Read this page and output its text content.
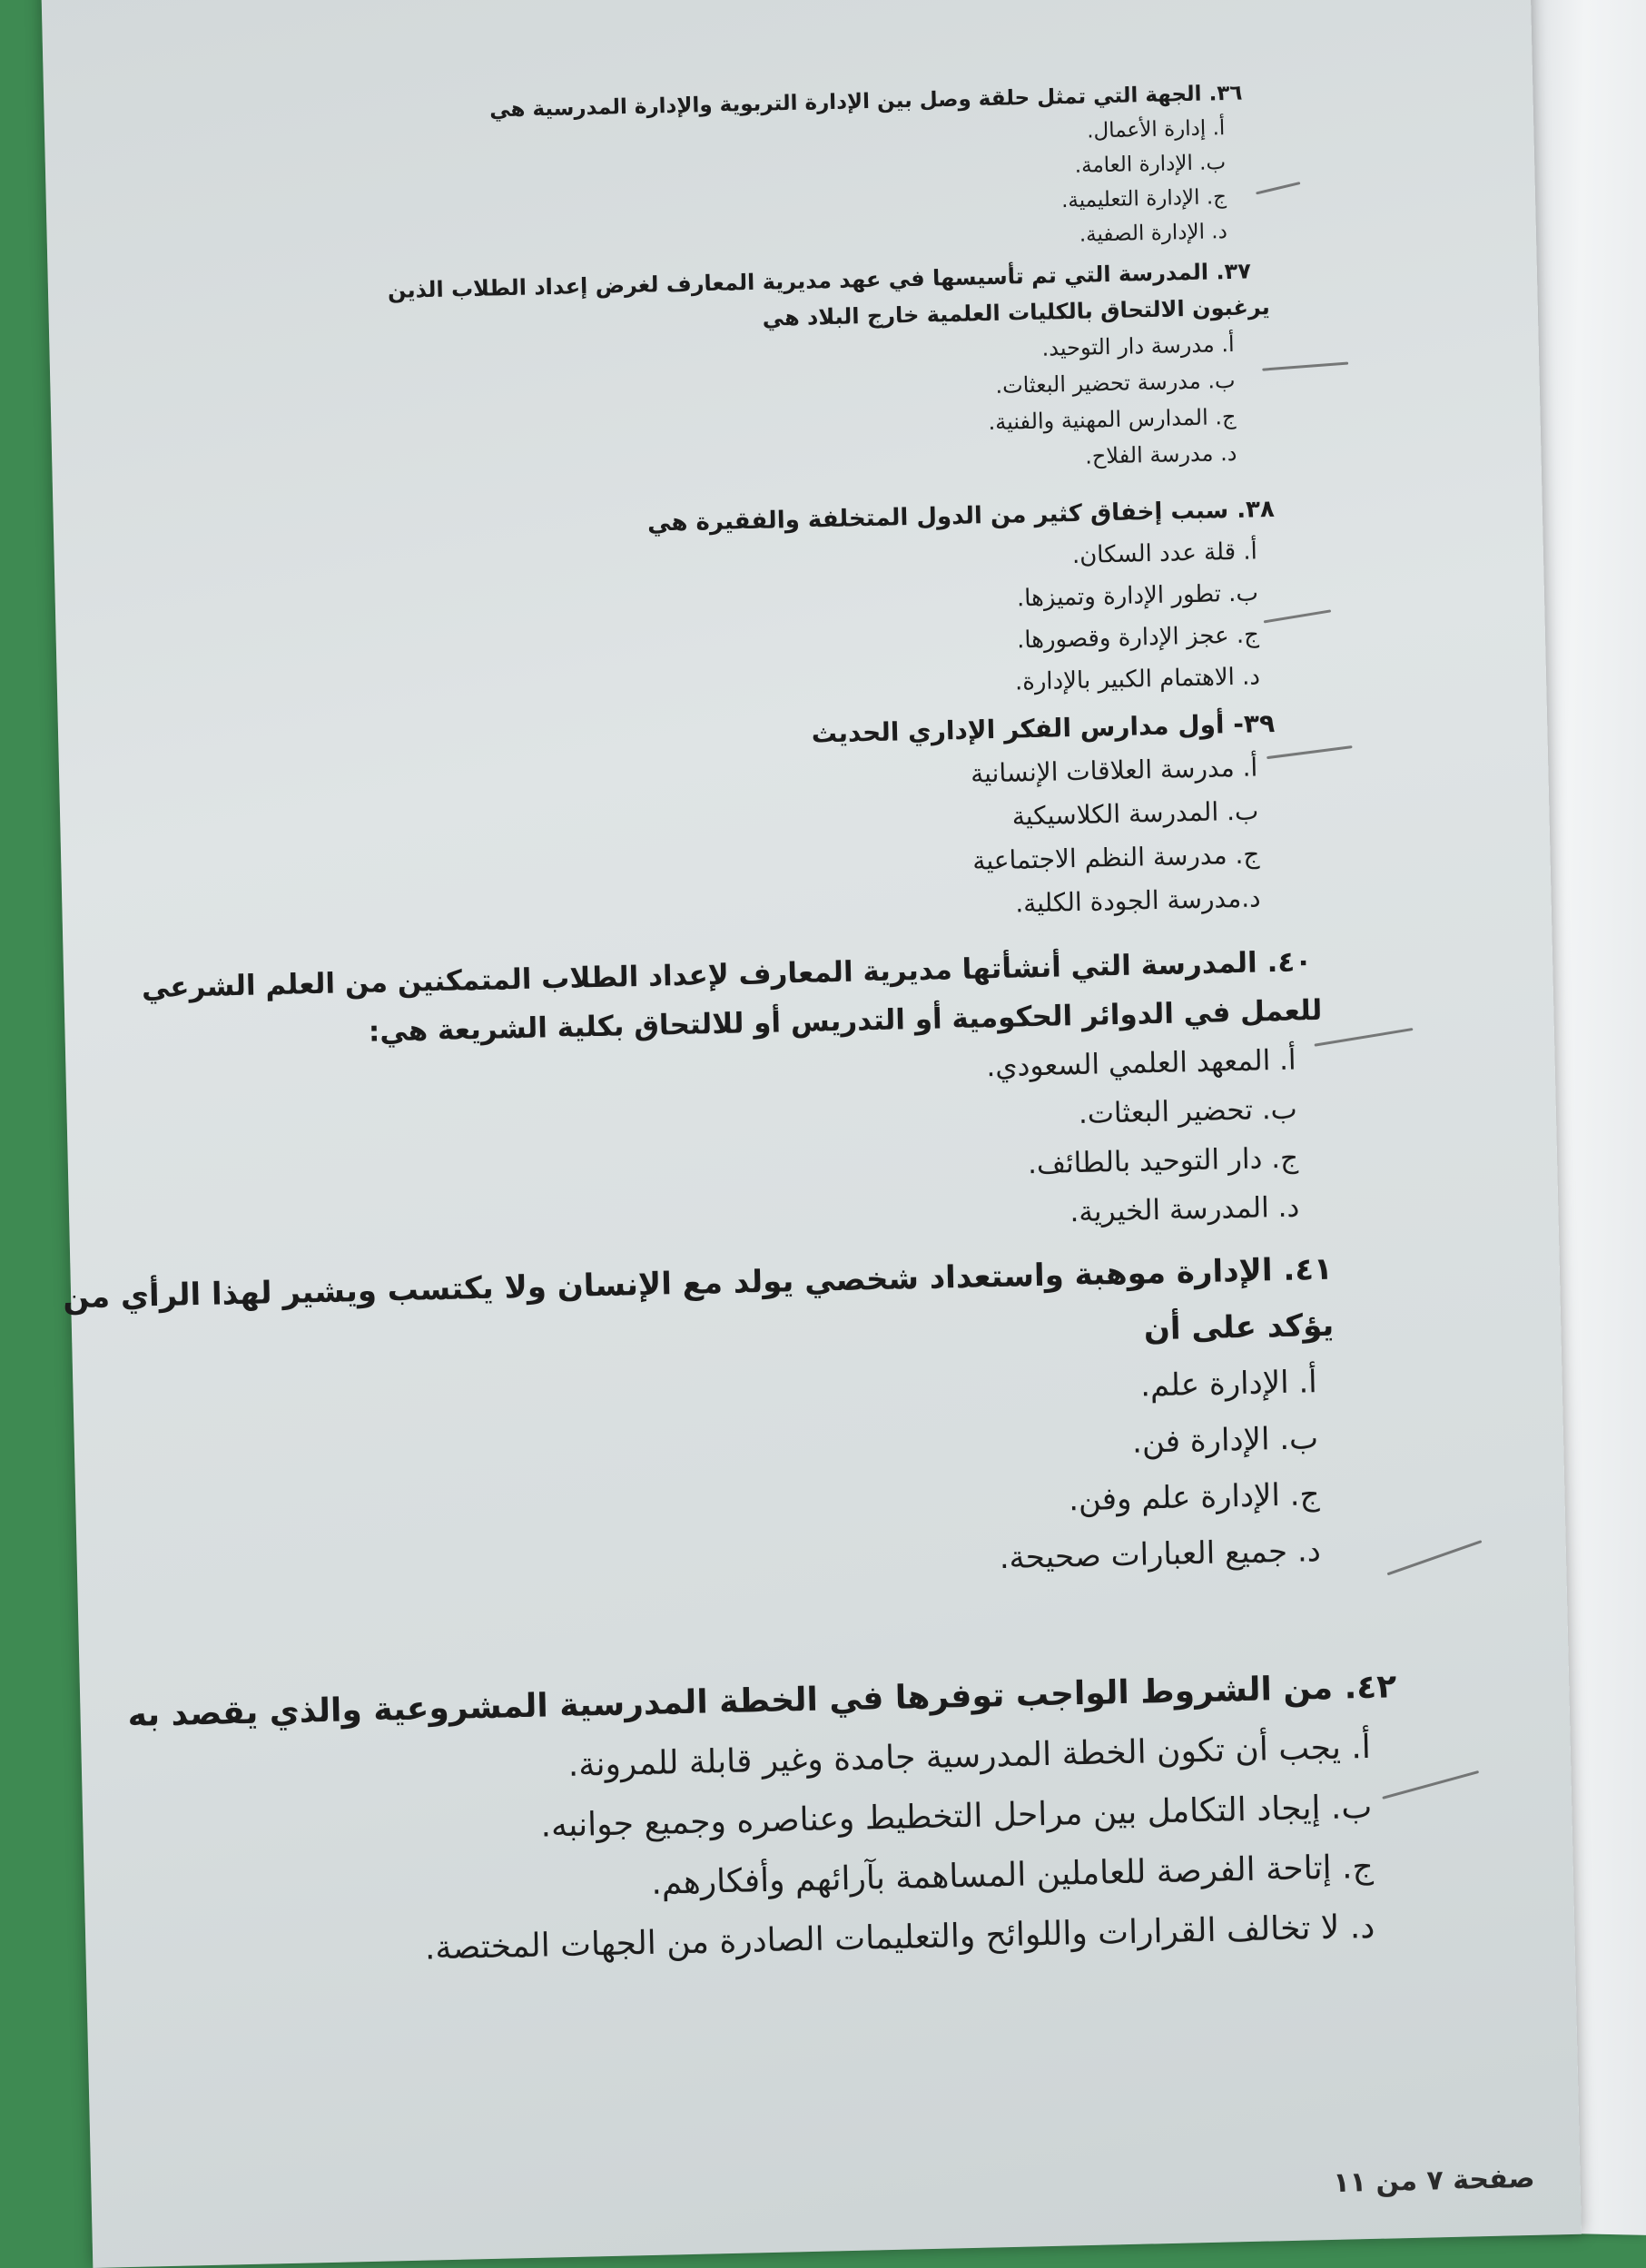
٣٦. الجهة التي تمثل حلقة وصل بين الإدارة التربوية والإدارة المدرسية هي

أ. إدارة الأعمال.

ب. الإدارة العامة.

ج. الإدارة التعليمية.

د. الإدارة الصفية.

٣٧. المدرسة التي تم تأسيسها في عهد مديرية المعارف لغرض إعداد الطلاب الذين

يرغبون الالتحاق بالكليات العلمية خارج البلاد هي

أ. مدرسة دار التوحيد.

ب. مدرسة تحضير البعثات.

ج. المدارس المهنية والفنية.

د. مدرسة الفلاح.

٣٨. سبب إخفاق كثير من الدول المتخلفة والفقيرة هي

أ. قلة عدد السكان.

ب. تطور الإدارة وتميزها.

ج. عجز الإدارة وقصورها.

د. الاهتمام الكبير بالإدارة.

٣٩- أول مدارس الفكر الإداري الحديث

أ. مدرسة العلاقات الإنسانية

ب. المدرسة الكلاسيكية

ج. مدرسة النظم الاجتماعية

د.مدرسة الجودة الكلية.

٤٠. المدرسة التي أنشأتها مديرية المعارف لإعداد الطلاب المتمكنين من العلم الشرعي

للعمل في الدوائر الحكومية أو التدريس أو للالتحاق بكلية الشريعة هي:

أ. المعهد العلمي السعودي.

ب. تحضير البعثات.

ج. دار التوحيد بالطائف.

د. المدرسة الخيرية.

٤١. الإدارة موهبة واستعداد شخصي يولد مع الإنسان ولا يكتسب ويشير لهذا الرأي من

يؤكد على أن

أ. الإدارة علم.

ب. الإدارة فن.

ج. الإدارة علم وفن.

د. جميع العبارات صحيحة.

٤٢. من الشروط الواجب توفرها في الخطة المدرسية المشروعية والذي يقصد به

أ. يجب أن تكون الخطة المدرسية جامدة وغير قابلة للمرونة.

ب. إيجاد التكامل بين مراحل التخطيط وعناصره وجميع جوانبه.

ج. إتاحة الفرصة للعاملين المساهمة بآرائهم وأفكارهم.

د. لا تخالف القرارات واللوائح والتعليمات الصادرة من الجهات المختصة.

صفحة ٧ من ١١
